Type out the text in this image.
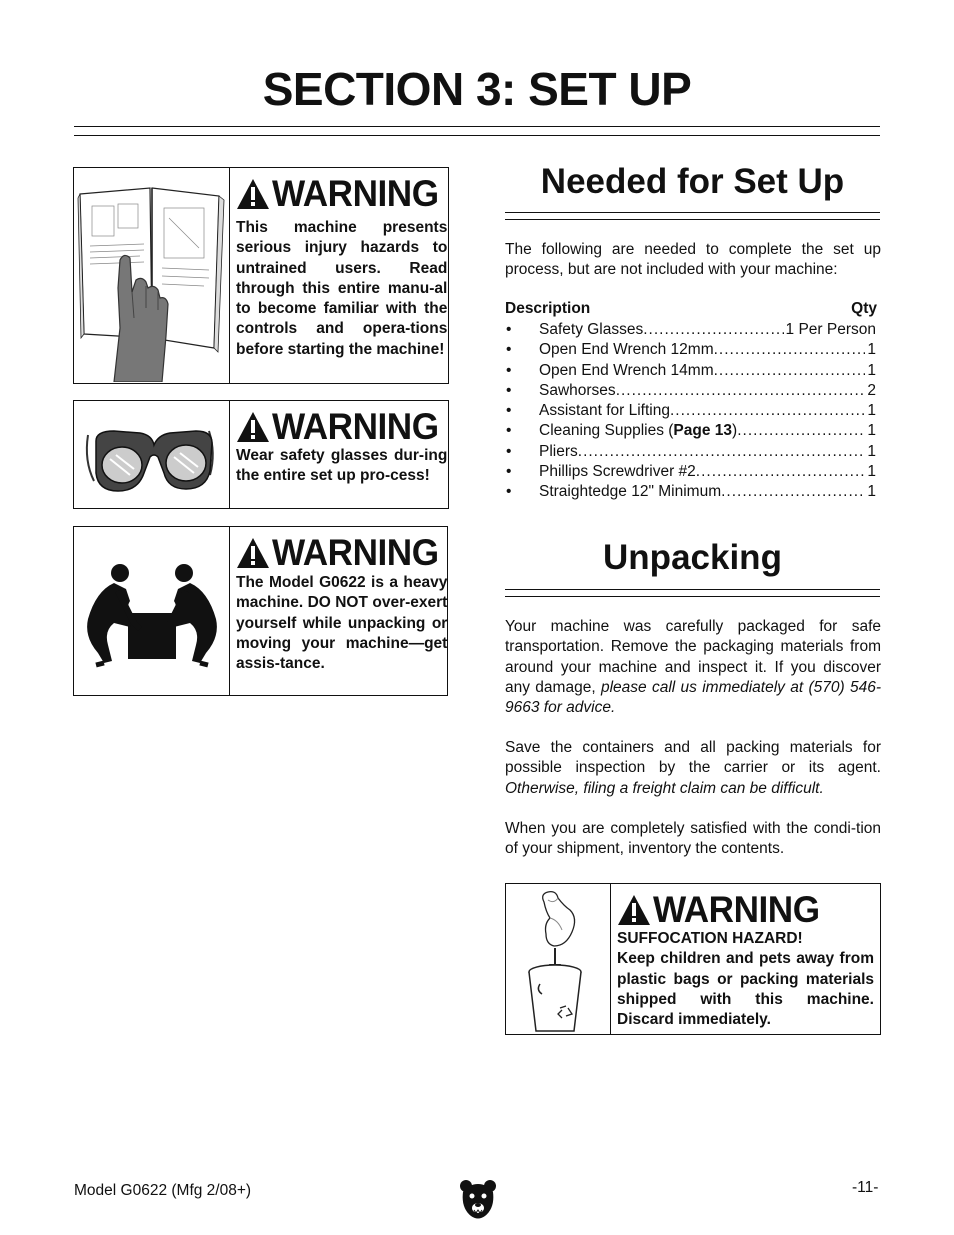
SECTION 3: SET UP
WARNING
This machine presents serious injury hazards to untrained users. Read through this entire manu-al to become familiar with the controls and opera-tions before starting the machine!
WARNING
Wear safety glasses dur-ing the entire set up pro-cess!
WARNING
The Model G0622 is a heavy machine. DO NOT over-exert yourself while unpacking or moving your machine—get assis-tance.
Needed for Set Up
The following are needed to complete the set up process, but are not included with your machine:
Description	Qty
•	Safety Glasses .....	1 Per Person
•	Open End Wrench 12mm .....	1
•	Open End Wrench 14mm .....	1
•	Sawhorses .....	2
•	Assistant for Lifting .....	1
•	Cleaning Supplies (Page 13) .....	1
•	Pliers .....	1
•	Phillips Screwdriver #2 .....	1
•	Straightedge 12" Minimum .....	1
Unpacking
Your machine was carefully packaged for safe transportation. Remove the packaging materials from around your machine and inspect it. If you discover any damage, please call us immediately at (570) 546-9663 for advice.
Save the containers and all packing materials for possible inspection by the carrier or its agent. Otherwise, filing a freight claim can be difficult.
When you are completely satisfied with the condi-tion of your shipment, inventory the contents.
WARNING
SUFFOCATION HAZARD!
Keep children and pets away from plastic bags or packing materials shipped with this machine. Discard immediately.
Model G0622 (Mfg 2/08+)	-11-
